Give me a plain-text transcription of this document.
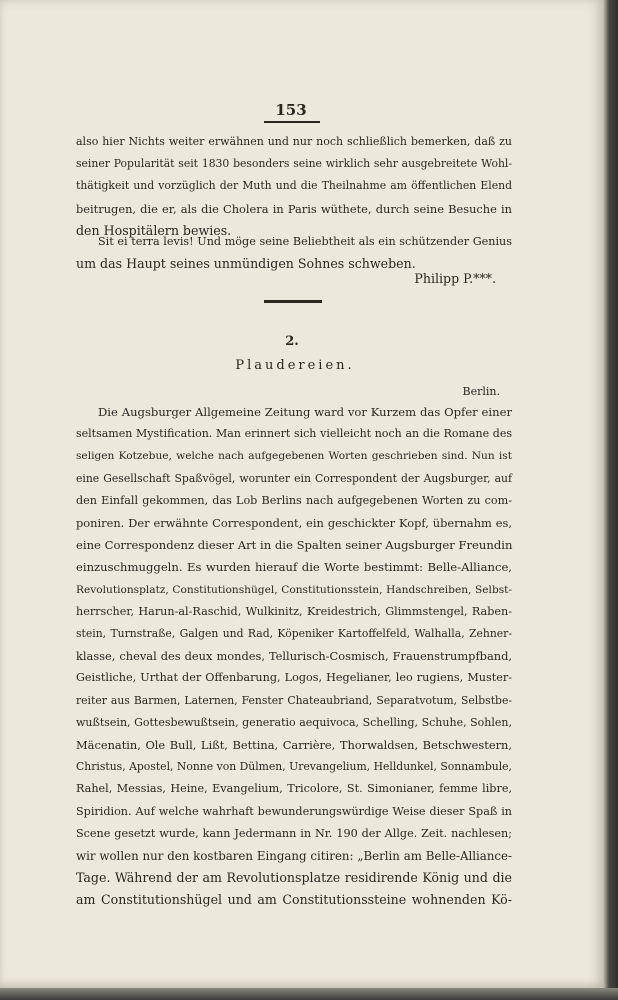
153
also hier Nichts weiter erwähnen und nur noch schließlich bemerken, daß zu
seiner Popularität seit 1830 besonders seine wirklich sehr ausgebreitete Wohl-
thätigkeit und vorzüglich der Muth und die Theilnahme am öffentlichen Elend
beitrugen, die er, als die Cholera in Paris wüthete, durch seine Besuche in
den Hospitälern bewies.
Sit ei terra levis! Und möge seine Beliebtheit als ein schützender Genius
um das Haupt seines unmündigen Sohnes schweben.
Philipp P.***.
2.
Plaudereien.
Berlin.
Die Augsburger Allgemeine Zeitung ward vor Kurzem das Opfer einer
seltsamen Mystification. Man erinnert sich vielleicht noch an die Romane des
seligen Kotzebue, welche nach aufgegebenen Worten geschrieben sind. Nun ist
eine Gesellschaft Spaßvögel, worunter ein Correspondent der Augsburger, auf
den Einfall gekommen, das Lob Berlins nach aufgegebenen Worten zu com-
poniren. Der erwähnte Correspondent, ein geschickter Kopf, übernahm es,
eine Correspondenz dieser Art in die Spalten seiner Augsburger Freundin
einzuschmuggeln. Es wurden hierauf die Worte bestimmt: Belle-Alliance,
Revolutionsplatz, Constitutionshügel, Constitutionsstein, Handschreiben, Selbst-
herrscher, Harun-al-Raschid, Wulkinitz, Kreidestrich, Glimmstengel, Raben-
stein, Turnstraße, Galgen und Rad, Köpeniker Kartoffelfeld, Walhalla, Zehner-
klasse, cheval des deux mondes, Tellurisch-Cosmisch, Frauenstrumpfband,
Geistliche, Urthat der Offenbarung, Logos, Hegelianer, leo rugiens, Muster-
reiter aus Barmen, Laternen, Fenster Chateaubriand, Separatvotum, Selbstbe-
wußtsein, Gottesbewußtsein, generatio aequivoca, Schelling, Schuhe, Sohlen,
Mäcenatin, Ole Bull, Lißt, Bettina, Carrière, Thorwaldsen, Betschwestern,
Christus, Apostel, Nonne von Dülmen, Urevangelium, Helldunkel, Sonnambule,
Rahel, Messias, Heine, Evangelium, Tricolore, St. Simonianer, femme libre,
Spiridion. Auf welche wahrhaft bewunderungswürdige Weise dieser Spaß in
Scene gesetzt wurde, kann Jedermann in Nr. 190 der Allge. Zeit. nachlesen;
wir wollen nur den kostbaren Eingang citiren: „Berlin am Belle-Alliance-
Tage. Während der am Revolutionsplatze residirende König und die
am Constitutionshügel und am Constitutionssteine wohnenden Kö-
